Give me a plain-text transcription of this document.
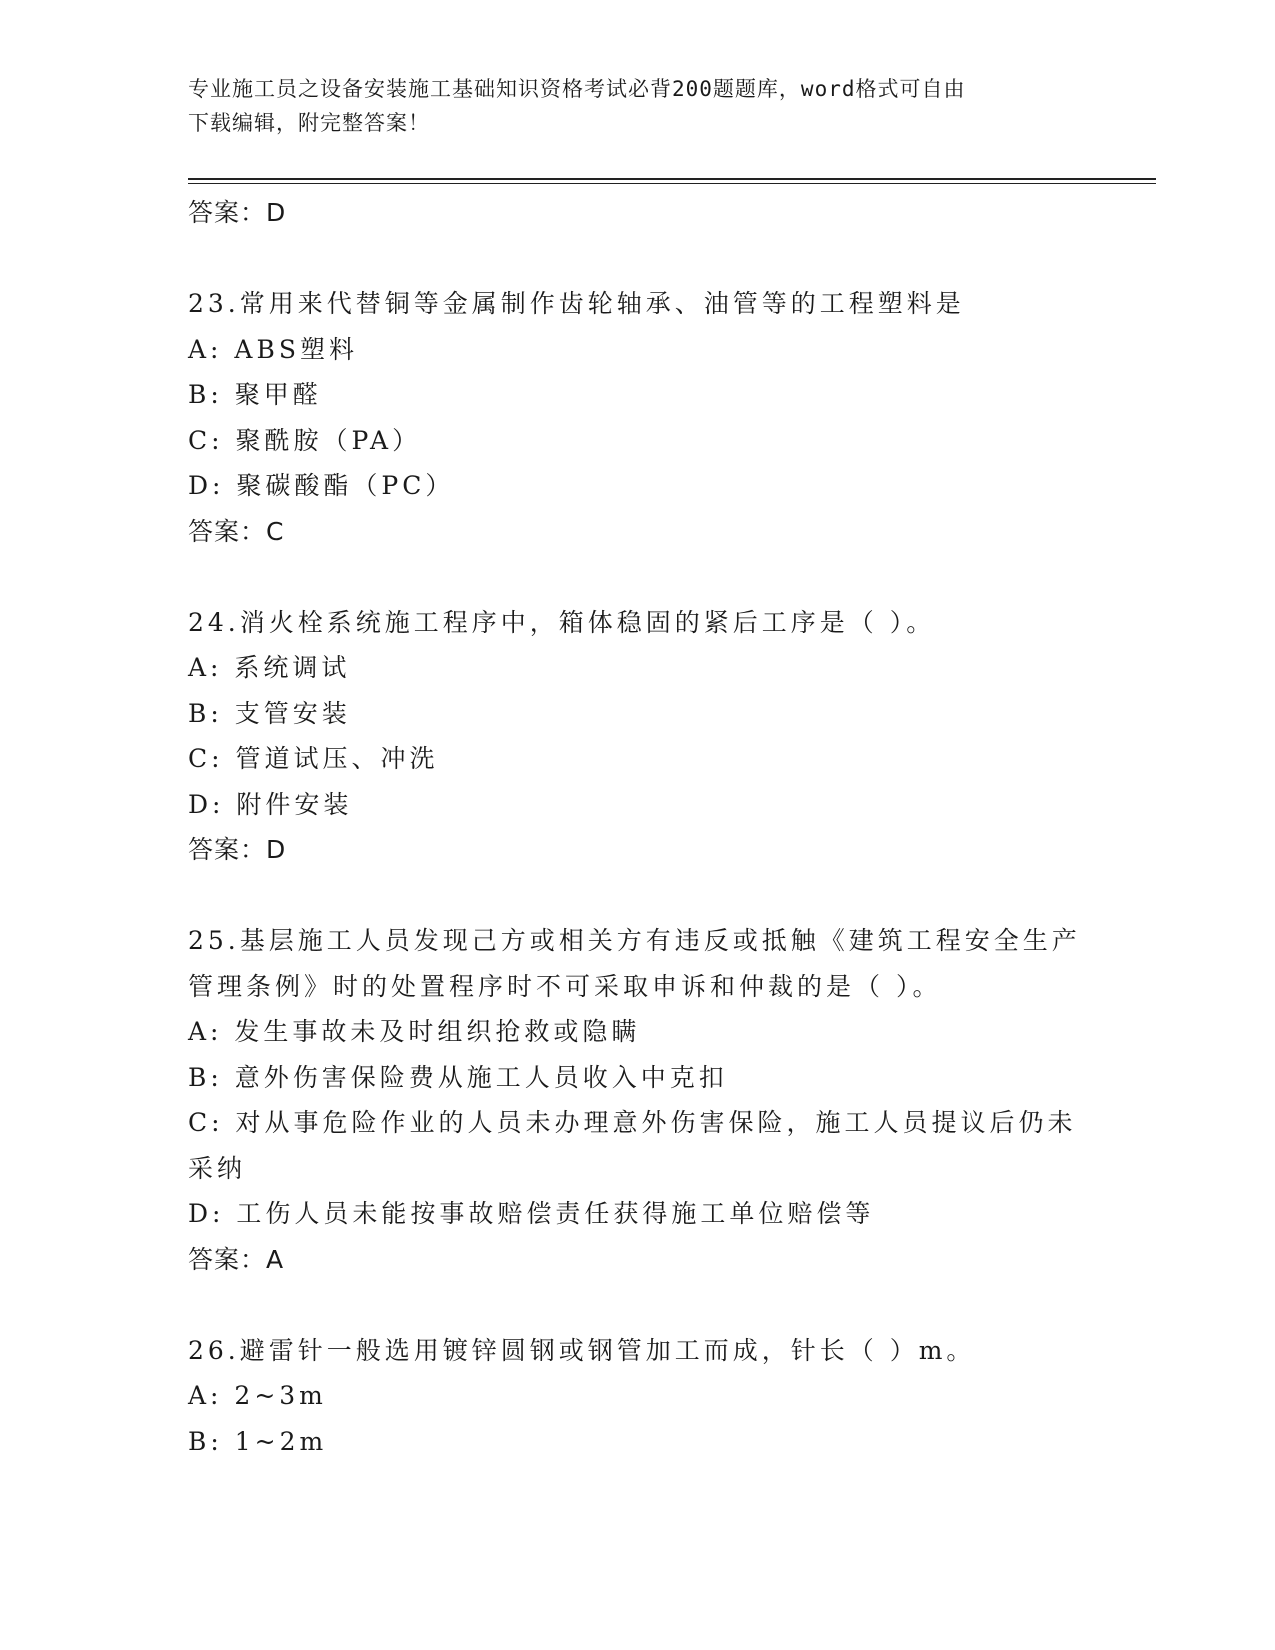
专业施工员之设备安装施工基础知识资格考试必背200题题库，word格式可自由
下载编辑，附完整答案！
答案：D
23.常用来代替铜等金属制作齿轮轴承、油管等的工程塑料是
A: ABS塑料
B: 聚甲醛
C: 聚酰胺（PA）
D: 聚碳酸酯（PC）
答案：C
24.消火栓系统施工程序中，箱体稳固的紧后工序是（ ）。
A: 系统调试
B: 支管安装
C: 管道试压、冲洗
D: 附件安装
答案：D
25.基层施工人员发现己方或相关方有违反或抵触《建筑工程安全生产
管理条例》时的处置程序时不可采取申诉和仲裁的是（ ）。
A: 发生事故未及时组织抢救或隐瞒
B: 意外伤害保险费从施工人员收入中克扣
C: 对从事危险作业的人员未办理意外伤害保险，施工人员提议后仍未
采纳
D: 工伤人员未能按事故赔偿责任获得施工单位赔偿等
答案：A
26.避雷针一般选用镀锌圆钢或钢管加工而成，针长（ ）m。
A: 2~3m
B: 1~2m
